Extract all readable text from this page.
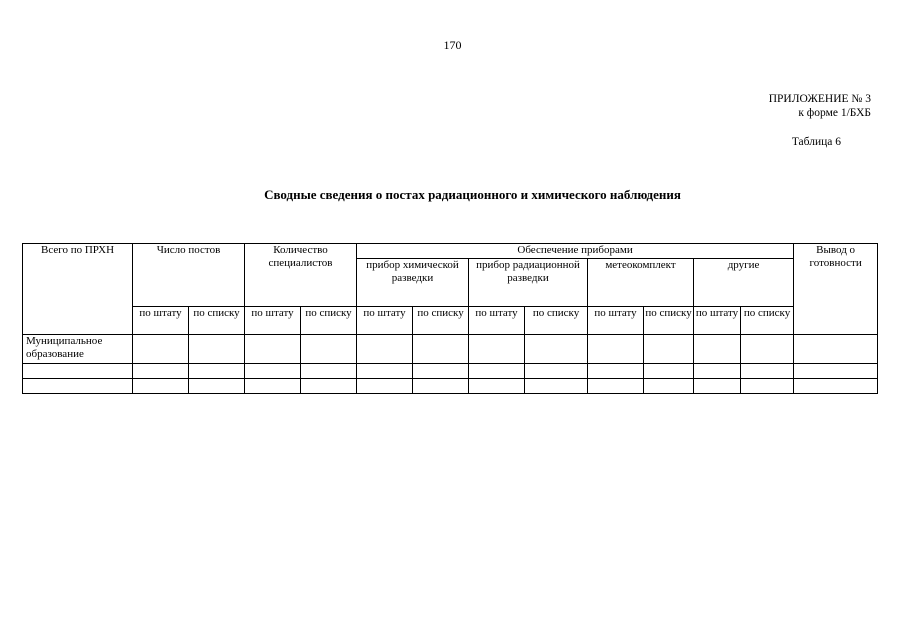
170
ПРИЛОЖЕНИЕ № 3
к форме 1/БХБ
Таблица 6
Сводные сведения о постах радиационного и химического наблюдения
Всего по ПРХН	Число постов		Количество специалистов		Обеспечение приборами								Вывод о готовности
					прибор химической разведки		прибор радиационной разведки		метеокомплект		другие		
	по штату	по списку	по штату	по списку	по штату	по списку	по штату	по списку	по штату	по списку	по штату	по списку	
Муниципальное образование													
